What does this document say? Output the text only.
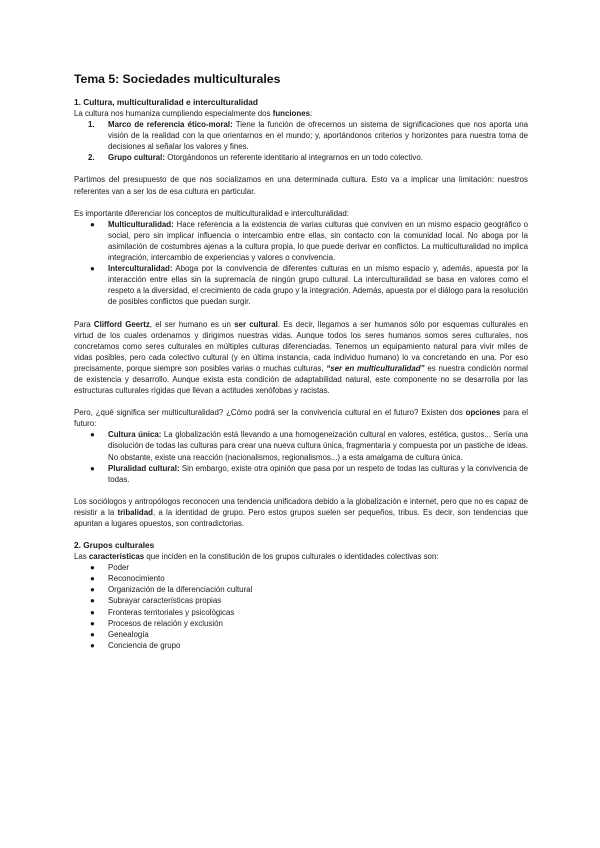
Tema 5: Sociedades multiculturales
1. Cultura, multiculturalidad e interculturalidad

La cultura nos humaniza cumpliendo especialmente dos funciones:

1. Marco de referencia ético-moral: Tiene la función de ofrecernos un sistema de significaciones que nos aporta una visión de la realidad con la que orientarnos en el mundo; y, aportándonos criterios y horizontes para nuestra toma de decisiones al señalar los valores y fines.
2. Grupo cultural: Otorgándonos un referente identitario al integrarnos en un todo colectivo.

Partimos del presupuesto de que nos socializamos en una determinada cultura. Esto va a implicar una limitación: nuestros referentes van a ser los de esa cultura en particular.

Es importante diferenciar los conceptos de multiculturalidad e interculturalidad:

● Multiculturalidad: Hace referencia a la existencia de varias culturas que conviven en un mismo espacio geográfico o social, pero sin implicar influencia o intercambio entre ellas, sin contacto con la comunidad local. No aboga por la asimilación de costumbres ajenas a la cultura propia, lo que puede derivar en conflictos. La multiculturalidad no implica integración, intercambio de experiencias y valores o convivencia.
● Interculturalidad: Aboga por la convivencia de diferentes culturas en un mismo espacio y, además, apuesta por la interacción entre ellas sin la supremacía de ningún grupo cultural. La interculturalidad se basa en valores como el respeto a la diversidad, el crecimiento de cada grupo y la integración. Además, apuesta por el diálogo para la resolución de posibles conflictos que puedan surgir.

Para Clifford Geertz, el ser humano es un ser cultural. Es decir, llegamos a ser humanos sólo por esquemas culturales en virtud de los cuales ordenamos y dirigimos nuestras vidas. Aunque todos los seres humanos somos seres culturales, nos concretamos como seres culturales en múltiples culturas diferenciadas. Tenemos un equipamiento natural para vivir miles de vidas posibles, pero cada colectivo cultural (y en última instancia, cada individuo humano) lo va concretando en una. Por eso precisamente, porque siempre son posibles varias o muchas culturas, “ser en multiculturalidad” es nuestra condición normal de existencia y desarrollo. Aunque exista esta condición de adaptabilidad natural, este componente no se desarrolla por las estructuras culturales rígidas que llevan a actitudes xenófobas y racistas.

Pero, ¿qué significa ser multiculturalidad? ¿Cómo podrá ser la convivencia cultural en el futuro? Existen dos opciones para el futuro:

● Cultura única: La globalización está llevando a una homogeneización cultural en valores, estética, gustos... Sería una disolución de todas las culturas para crear una nueva cultura única, fragmentaria y compuesta por un pastiche de ideas. No obstante, existe una reacción (nacionalismos, regionalismos...) a esta amalgama de cultura única.
● Pluralidad cultural: Sin embargo, existe otra opinión que pasa por un respeto de todas las culturas y la convivencia de todas.

Los sociólogos y antropólogos reconocen una tendencia unificadora debido a la globalización e internet, pero que no es capaz de resistir a la tribalidad, a la identidad de grupo. Pero estos grupos suelen ser pequeños, tribus. Es decir, son tendencias que apuntan a lugares opuestos, son contradictorias.

2. Grupos culturales

Las características que inciden en la constitución de los grupos culturales o identidades colectivas son:

● Poder
● Reconocimiento
● Organización de la diferenciación cultural
● Subrayar características propias
● Fronteras territoriales y psicológicas
● Procesos de relación y exclusión
● Genealogía
● Conciencia de grupo
